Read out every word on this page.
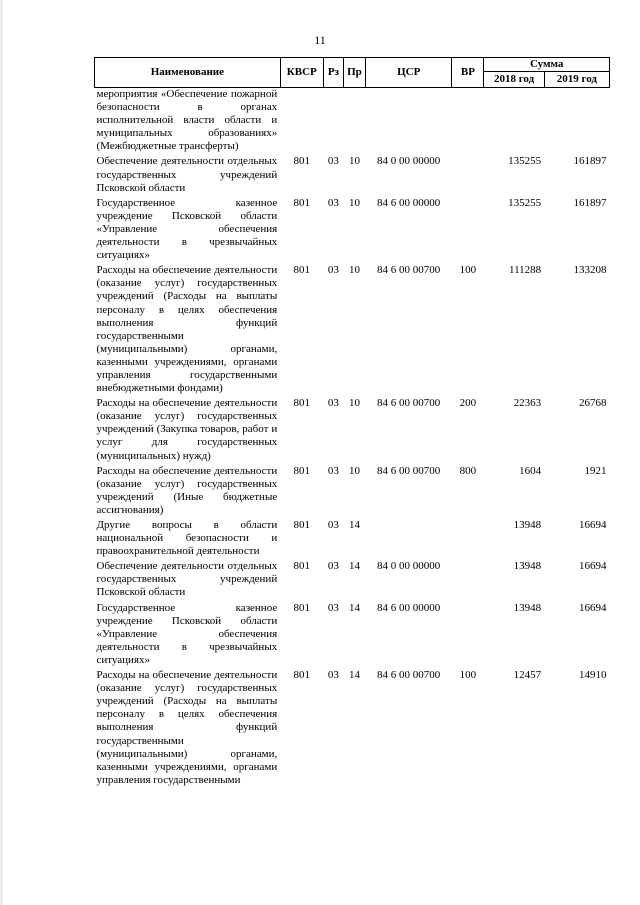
11
Наименование	КВСР	Рз	Пр	ЦСР	ВР	Сумма	
						2018 год	2019 год
мероприятия «Обеспечение пожарной безопасности в органах исполнительной власти области и муниципальных образованиях» (Межбюджетные трансферты)							
Обеспечение деятельности отдельных государственных учреждений Псковской области	801	03	10	84 0 00 00000		135255	161897
Государственное казенное учреждение Псковской области «Управление обеспечения деятельности в чрезвычайных ситуациях»	801	03	10	84 6 00 00000		135255	161897
Расходы на обеспечение деятельности (оказание услуг) государственных учреждений (Расходы на выплаты персоналу в целях обеспечения выполнения функций государственными (муниципальными) органами, казенными учреждениями, органами управления государственными внебюджетными фондами)	801	03	10	84 6 00 00700	100	111288	133208
Расходы на обеспечение деятельности (оказание услуг) государственных учреждений (Закупка товаров, работ и услуг для государственных (муниципальных) нужд)	801	03	10	84 6 00 00700	200	22363	26768
Расходы на обеспечение деятельности (оказание услуг) государственных учреждений (Иные бюджетные ассигнования)	801	03	10	84 6 00 00700	800	1604	1921
Другие вопросы в области национальной безопасности и правоохранительной деятельности	801	03	14			13948	16694
Обеспечение деятельности отдельных государственных учреждений Псковской области	801	03	14	84 0 00 00000		13948	16694
Государственное казенное учреждение Псковской области «Управление обеспечения деятельности в чрезвычайных ситуациях»	801	03	14	84 6 00 00000		13948	16694
Расходы на обеспечение деятельности (оказание услуг) государственных учреждений (Расходы на выплаты персоналу в целях обеспечения выполнения функций государственными (муниципальными) органами, казенными учреждениями, органами управления государственными	801	03	14	84 6 00 00700	100	12457	14910
